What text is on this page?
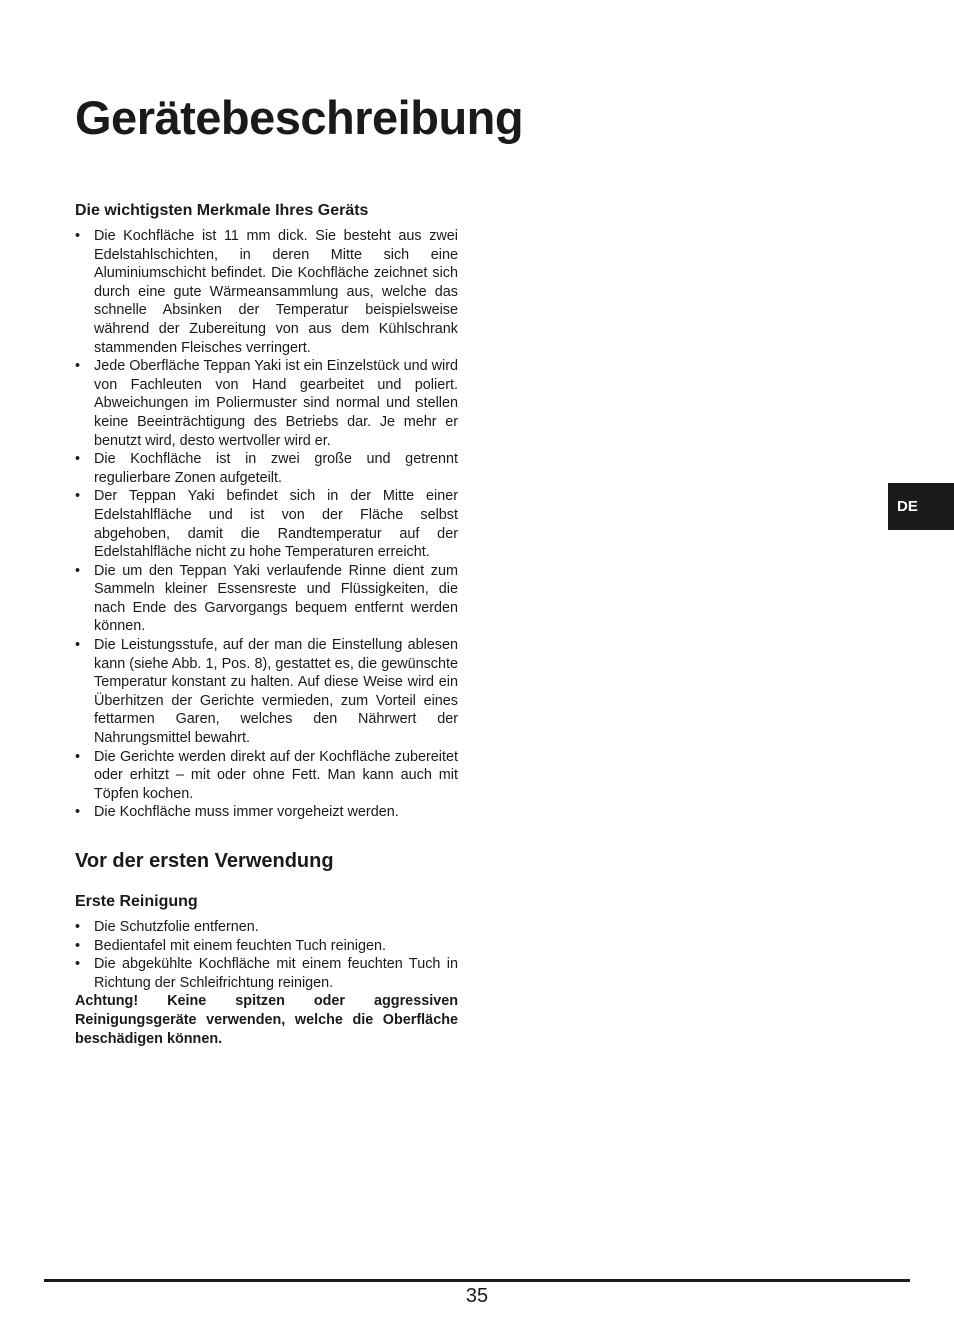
Gerätebeschreibung
Die wichtigsten Merkmale Ihres Geräts
• Die Kochfläche ist 11 mm dick. Sie besteht aus zwei Edelstahlschichten, in deren Mitte sich eine Aluminiumschicht befindet. Die Kochfläche zeichnet sich durch eine gute Wärmeansammlung aus, welche das schnelle Absinken der Temperatur beispielsweise während der Zubereitung von aus dem Kühlschrank stammenden Fleisches verringert.
• Jede Oberfläche Teppan Yaki ist ein Einzelstück und wird von Fachleuten von Hand gearbeitet und poliert. Abweichungen im Poliermuster sind normal und stellen keine Beeinträchtigung des Betriebs dar. Je mehr er benutzt wird, desto wertvoller wird er.
• Die Kochfläche ist in zwei große und getrennt regulierbare Zonen aufgeteilt.
• Der Teppan Yaki befindet sich in der Mitte einer Edelstahlfläche und ist von der Fläche selbst abgehoben, damit die Randtemperatur auf der Edelstahlfläche nicht zu hohe Temperaturen erreicht.
• Die um den Teppan Yaki verlaufende Rinne dient zum Sammeln kleiner Essensreste und Flüssigkeiten, die nach Ende des Garvorgangs bequem entfernt werden können.
• Die Leistungsstufe, auf der man die Einstellung ablesen kann (siehe Abb. 1, Pos. 8), gestattet es, die gewünschte Temperatur konstant zu halten. Auf diese Weise wird ein Überhitzen der Gerichte vermieden, zum Vorteil eines fettarmen Garen, welches den Nährwert der Nahrungsmittel bewahrt.
• Die Gerichte werden direkt auf der Kochfläche zubereitet oder erhitzt – mit oder ohne Fett. Man kann auch mit Töpfen kochen.
• Die Kochfläche muss immer vorgeheizt werden.
Vor der ersten Verwendung
Erste Reinigung
• Die Schutzfolie entfernen.
• Bedientafel mit einem feuchten Tuch reinigen.
• Die abgekühlte Kochfläche mit einem feuchten Tuch in Richtung der Schleifrichtung reinigen.

Achtung! Keine spitzen oder aggressiven Reinigungsgeräte verwenden, welche die Oberfläche beschädigen können.

DE
35
